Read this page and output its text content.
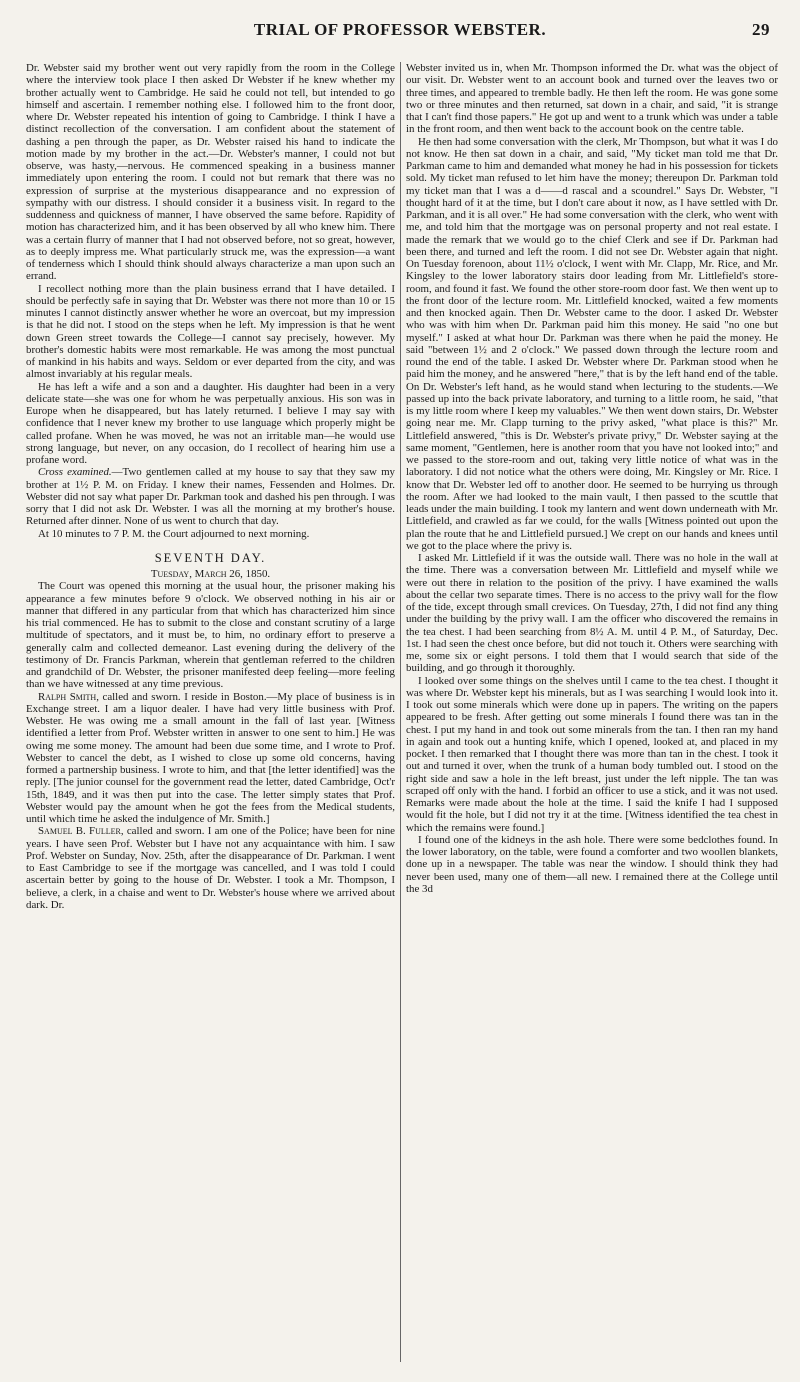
TRIAL OF PROFESSOR WEBSTER.	29

Dr. Webster said my brother went out very rapidly from the room in the College where the interview took place I then asked Dr Webster if he knew whether my brother actually went to Cambridge. He said he could not tell, but intended to go himself and ascertain. I remember nothing else. I followed him to the front door, where Dr. Webster repeated his intention of going to Cambridge. I think I have a distinct recollection of the conversation. I am confident about the statement of dashing a pen through the paper, as Dr. Webster raised his hand to indicate the motion made by my brother in the act.—Dr. Webster's manner, I could not but observe, was hasty,—nervous. He commenced speaking in a business manner immediately upon entering the room. I could not but remark that there was no expression of surprise at the mysterious disappearance and no expression of sympathy with our distress. I should consider it a business visit. In regard to the suddenness and quickness of manner, I have observed the same before. Rapidity of motion has characterized him, and it has been observed by all who knew him. There was a certain flurry of manner that I had not observed before, not so great, however, as to deeply impress me. What particularly struck me, was the expression—a want of tenderness which I should think should always characterize a man upon such an errand.

I recollect nothing more than the plain business errand that I have detailed. I should be perfectly safe in saying that Dr. Webster was there not more than 10 or 15 minutes I cannot distinctly answer whether he wore an overcoat, but my impression is that he did not. I stood on the steps when he left. My impression is that he went down Green street towards the College—I cannot say precisely, however. My brother's domestic habits were most remarkable. He was among the most punctual of mankind in his habits and ways. Seldom or ever departed from the city, and was almost invariably at his regular meals.

He has left a wife and a son and a daughter. His daughter had been in a very delicate state—she was one for whom he was perpetually anxious. His son was in Europe when he disappeared, but has lately returned. I believe I may say with confidence that I never knew my brother to use language which properly might be called profane. When he was moved, he was not an irritable man—he would use strong language, but never, on any occasion, do I recollect of hearing him use a profane word.

Cross examined.—Two gentlemen called at my house to say that they saw my brother at 1½ P. M. on Friday. I knew their names, Fessenden and Holmes. Dr. Webster did not say what paper Dr. Parkman took and dashed his pen through. I was sorry that I did not ask Dr. Webster. I was all the morning at my brother's house. Returned after dinner. None of us went to church that day.

At 10 minutes to 7 P. M. the Court adjourned to next morning.

SEVENTH DAY.

Tuesday, March 26, 1850.

The Court was opened this morning at the usual hour, the prisoner making his appearance a few minutes before 9 o'clock. We observed nothing in his air or manner that differed in any particular from that which has characterized him since his trial commenced. He has to submit to the close and constant scrutiny of a large multitude of spectators, and it must be, to him, no ordinary effort to preserve a generally calm and collected demeanor. Last evening during the delivery of the testimony of Dr. Francis Parkman, wherein that gentleman referred to the children and grandchild of Dr. Webster, the prisoner manifested deep feeling—more feeling than we have witnessed at any time previous.

Ralph Smith, called and sworn. I reside in Boston.—My place of business is in Exchange street. I am a liquor dealer. I have had very little business with Prof. Webster. He was owing me a small amount in the fall of last year. [Witness identified a letter from Prof. Webster written in answer to one sent to him.] He was owing me some money. The amount had been due some time, and I wrote to Prof. Webster to cancel the debt, as I wished to close up some old concerns, having formed a partnership business. I wrote to him, and that [the letter identified] was the reply. [The junior counsel for the government read the letter, dated Cambridge, Oct'r 15th, 1849, and it was then put into the case. The letter simply states that Prof. Webster would pay the amount when he got the fees from the Medical students, until which time he asked the indulgence of Mr. Smith.]

Samuel B. Fuller, called and sworn. I am one of the Police; have been for nine years. I have seen Prof. Webster but I have not any acquaintance with him. I saw Prof. Webster on Sunday, Nov. 25th, after the disappearance of Dr. Parkman. I went to East Cambridge to see if the mortgage was cancelled, and I was told I could ascertain better by going to the house of Dr. Webster. I took a Mr. Thompson, I believe, a clerk, in a chaise and went to Dr. Webster's house where we arrived about dark. Dr.

Webster invited us in, when Mr. Thompson informed the Dr. what was the object of our visit. Dr. Webster went to an account book and turned over the leaves two or three times, and appeared to tremble badly. He then left the room. He was gone some two or three minutes and then returned, sat down in a chair, and said, "it is strange that I can't find those papers." He got up and went to a trunk which was under a table in the front room, and then went back to the account book on the centre table.

He then had some conversation with the clerk, Mr Thompson, but what it was I do not know. He then sat down in a chair, and said, "My ticket man told me that Dr. Parkman came to him and demanded what money he had in his possession for tickets sold. My ticket man refused to let him have the money; thereupon Dr. Parkman told my ticket man that I was a d——d rascal and a scoundrel." Says Dr. Webster, "I thought hard of it at the time, but I don't care about it now, as I have settled with Dr. Parkman, and it is all over." He had some conversation with the clerk, who went with me, and told him that the mortgage was on personal property and not real estate. I made the remark that we would go to the chief Clerk and see if Dr. Parkman had been there, and turned and left the room. I did not see Dr. Webster again that night. On Tuesday forenoon, about 11½ o'clock, I went with Mr. Clapp, Mr. Rice, and Mr. Kingsley to the lower laboratory stairs door leading from Mr. Littlefield's store-room, and found it fast. We found the other store-room door fast. We then went up to the front door of the lecture room. Mr. Littlefield knocked, waited a few moments and then knocked again. Then Dr. Webster came to the door. I asked Dr. Webster who was with him when Dr. Parkman paid him this money. He said "no one but myself." I asked at what hour Dr. Parkman was there when he paid the money. He said "between 1½ and 2 o'clock." We passed down through the lecture room and round the end of the table. I asked Dr. Webster where Dr. Parkman stood when he paid him the money, and he answered "here," that is by the left hand end of the table. On Dr. Webster's left hand, as he would stand when lecturing to the students.—We passed up into the back private laboratory, and turning to a little room, he said, "that is my little room where I keep my valuables." We then went down stairs, Dr. Webster going near me. Mr. Clapp turning to the privy asked, "what place is this?" Mr. Littlefield answered, "this is Dr. Webster's private privy," Dr. Webster saying at the same moment, "Gentlemen, here is another room that you have not looked into;" and we passed to the store-room and out, taking very little notice of what was in the laboratory. I did not notice what the others were doing, Mr. Kingsley or Mr. Rice. I know that Dr. Webster led off to another door. He seemed to be hurrying us through the room. After we had looked to the main vault, I then passed to the scuttle that leads under the main building. I took my lantern and went down underneath with Mr. Littlefield, and crawled as far we could, for the walls [Witness pointed out upon the plan the route that he and Littlefield pursued.] We crept on our hands and knees until we got to the place where the privy is.

I asked Mr. Littlefield if it was the outside wall. There was no hole in the wall at the time. There was a conversation between Mr. Littlefield and myself while we were out there in relation to the position of the privy. I have examined the walls about the cellar two separate times. There is no access to the privy wall for the flow of the tide, except through small crevices. On Tuesday, 27th, I did not find any thing under the building by the privy wall. I am the officer who discovered the remains in the tea chest. I had been searching from 8½ A. M. until 4 P. M., of Saturday, Dec. 1st. I had seen the chest once before, but did not touch it. Others were searching with me, some six or eight persons. I told them that I would search that side of the building, and go through it thoroughly.

I looked over some things on the shelves until I came to the tea chest. I thought it was where Dr. Webster kept his minerals, but as I was searching I would look into it. I took out some minerals which were done up in papers. The writing on the papers appeared to be fresh. After getting out some minerals I found there was tan in the chest. I put my hand in and took out some minerals from the tan. I then ran my hand in again and took out a hunting knife, which I opened, looked at, and placed in my pocket. I then remarked that I thought there was more than tan in the chest. I took it out and turned it over, when the trunk of a human body tumbled out. I stood on the right side and saw a hole in the left breast, just under the left nipple. The tan was scraped off only with the hand. I forbid an officer to use a stick, and it was not used. Remarks were made about the hole at the time. I said the knife I had I supposed would fit the hole, but I did not try it at the time. [Witness identified the tea chest in which the remains were found.]

I found one of the kidneys in the ash hole. There were some bedclothes found. In the lower laboratory, on the table, were found a comforter and two woollen blankets, done up in a newspaper. The table was near the window. I should think they had never been used, many one of them—all new. I remained there at the College until the 3d
